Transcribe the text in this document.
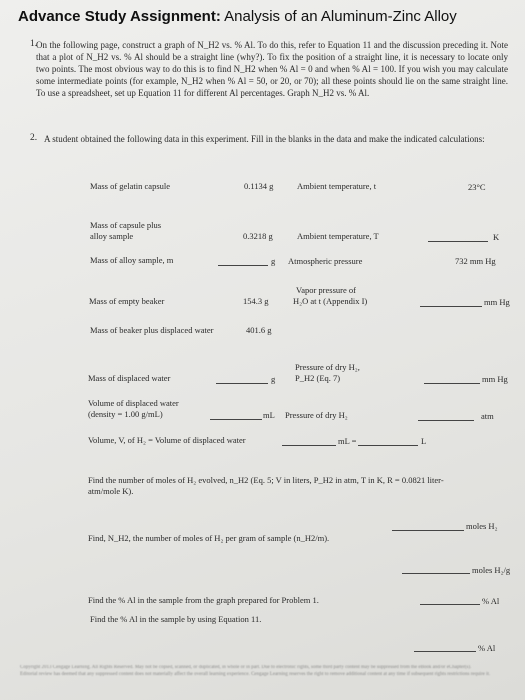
Advance Study Assignment: Analysis of an Aluminum-Zinc Alloy
1.
On the following page, construct a graph of N_H2 vs. % Al. To do this, refer to Equation 11 and the discussion preceding it. Note that a plot of N_H2 vs. % Al should be a straight line (why?). To fix the position of a straight line, it is necessary to locate only two points. The most obvious way to do this is to find N_H2 when % Al = 0 and when % Al = 100. If you wish you may calculate some intermediate points (for example, N_H2 when % Al = 50, or 20, or 70); all these points should lie on the same straight line. To use a spreadsheet, set up Equation 11 for different Al percentages. Graph N_H2 vs. % Al.
2. A student obtained the following data in this experiment. Fill in the blanks in the data and make the indicated calculations:
Mass of gelatin capsule	0.1134 g	Ambient temperature, t	23°C
Mass of capsule plus
alloy sample	0.3218 g	Ambient temperature, T	K
Mass of alloy sample, m	g Atmospheric pressure	732 mm Hg
Vapor pressure of
Mass of empty beaker	154.3 g	H₂O at t (Appendix I)	mm Hg
Mass of beaker plus displaced water	401.6 g
Pressure of dry H₂,
Mass of displaced water	g P_H2 (Eq. 7)	mm Hg
Volume of displaced water
(density = 1.00 g/mL)	mL Pressure of dry H₂	atm
Volume, V, of H₂ = Volume of displaced water	mL =	L
Find the number of moles of H₂ evolved, n_H2 (Eq. 5; V in liters, P_H2 in atm, T in K, R = 0.0821 liter-
atm/mole K).
moles H₂
Find, N_H2, the number of moles of H₂ per gram of sample (n_H2/m).
moles H₂/g
Find the % Al in the sample from the graph prepared for Problem 1.	% Al
Find the % Al in the sample by using Equation 11.
% Al
Copyright 2013 Cengage Learning. All Rights Reserved. May not be copied, scanned, or duplicated, in whole or in part. Due to electronic rights, some third party content may be suppressed from the eBook and/or eChapter(s).
Editorial review has deemed that any suppressed content does not materially affect the overall learning experience. Cengage Learning reserves the right to remove additional content at any time if subsequent rights restrictions require it.
